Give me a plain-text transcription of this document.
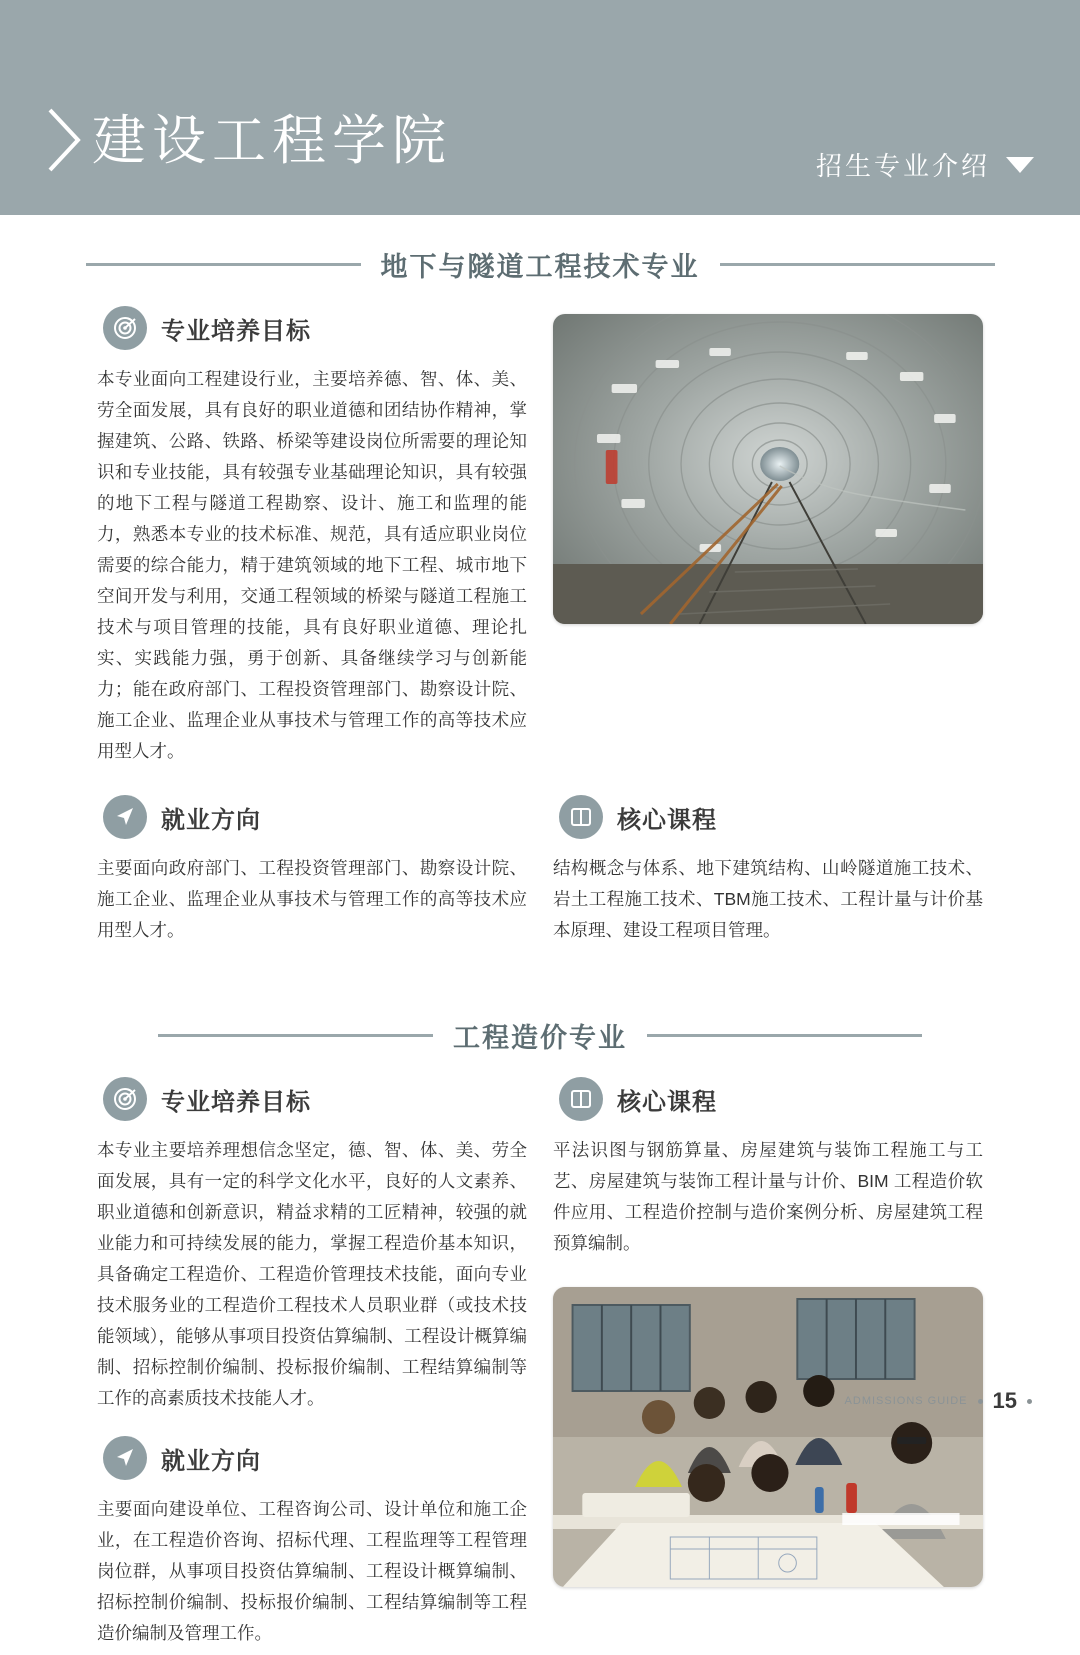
建设工程学院	招生专业介绍
地下与隧道工程技术专业
专业培养目标

本专业面向工程建设行业，主要培养德、智、体、美、劳全面发展，具有良好的职业道德和团结协作精神，掌握建筑、公路、铁路、桥梁等建设岗位所需要的理论知识和专业技能，具有较强专业基础理论知识，具有较强的地下工程与隧道工程勘察、设计、施工和监理的能力，熟悉本专业的技术标准、规范，具有适应职业岗位需要的综合能力，精于建筑领域的地下工程、城市地下空间开发与利用，交通工程领域的桥梁与隧道工程施工技术与项目管理的技能，具有良好职业道德、理论扎实、实践能力强，勇于创新、具备继续学习与创新能力；能在政府部门、工程投资管理部门、勘察设计院、施工企业、监理企业从事技术与管理工作的高等技术应用型人才。

就业方向

主要面向政府部门、工程投资管理部门、勘察设计院、施工企业、监理企业从事技术与管理工作的高等技术应用型人才。

核心课程

结构概念与体系、地下建筑结构、山岭隧道施工技术、岩土工程施工技术、TBM施工技术、工程计量与计价基本原理、建设工程项目管理。

工程造价专业
专业培养目标

本专业主要培养理想信念坚定，德、智、体、美、劳全面发展，具有一定的科学文化水平，良好的人文素养、职业道德和创新意识，精益求精的工匠精神，较强的就业能力和可持续发展的能力，掌握工程造价基本知识，具备确定工程造价、工程造价管理技术技能，面向专业技术服务业的工程造价工程技术人员职业群（或技术技能领域），能够从事项目投资估算编制、工程设计概算编制、招标控制价编制、投标报价编制、工程结算编制等工作的高素质技术技能人才。

就业方向

主要面向建设单位、工程咨询公司、设计单位和施工企业，在工程造价咨询、招标代理、工程监理等工程管理岗位群，从事项目投资估算编制、工程设计概算编制、招标控制价编制、投标报价编制、工程结算编制等工程造价编制及管理工作。

核心课程

平法识图与钢筋算量、房屋建筑与装饰工程施工与工艺、房屋建筑与装饰工程计量与计价、BIM 工程造价软件应用、工程造价控制与造价案例分析、房屋建筑工程预算编制。

ADMISSIONS GUIDE 15
